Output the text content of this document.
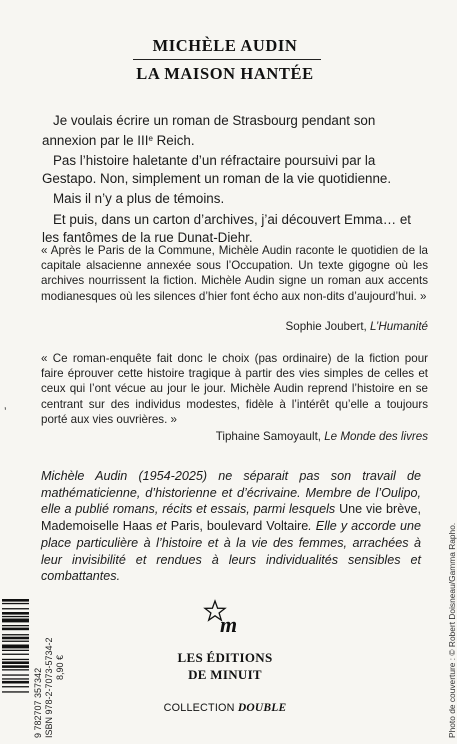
MICHÈLE AUDIN
LA MAISON HANTÉE

Je voulais écrire un roman de Strasbourg pendant son annexion par le IIIe Reich.

Pas l’histoire haletante d’un réfractaire poursuivi par la Gestapo. Non, simplement un roman de la vie quotidienne.

Mais il n’y a plus de témoins.

Et puis, dans un carton d’archives, j’ai découvert Emma… et les fantômes de la rue Dunat-Diehr.

« Après le Paris de la Commune, Michèle Audin raconte le quotidien de la capitale alsacienne annexée sous l’Occupation. Un texte gigogne où les archives nourrissent la fiction. Michèle Audin signe un roman aux accents modianesques où les silences d’hier font écho aux non-dits d’aujourd’hui. »

Sophie Joubert, L’Humanité

« Ce roman-enquête fait donc le choix (pas ordinaire) de la fiction pour faire éprouver cette histoire tragique à partir des vies simples de celles et ceux qui l’ont vécue au jour le jour. Michèle Audin reprend l’histoire en se centrant sur des individus modestes, fidèle à l’intérêt qu’elle a toujours porté aux vies ouvrières. »

Tiphaine Samoyault, Le Monde des livres
ʼ
Michèle Audin (1954-2025) ne séparait pas son travail de mathématicienne, d’historienne et d’écrivaine. Membre de l’Oulipo, elle a publié romans, récits et essais, parmi lesquels Une vie brève, Mademoiselle Haas et Paris, boulevard Voltaire. Elle y accorde une place particulière à l’histoire et à la vie des femmes, arrachées à leur invisibilité et rendues à leurs individualités sensibles et combattantes.
m
LES ÉDITIONS
DE MINUIT
COLLECTION DOUBLE
9 782707 357342 ISBN 978-2-7073-5734-2 8,90 €	Photo de couverture : © Robert Doisneau/Gamma Rapho.
